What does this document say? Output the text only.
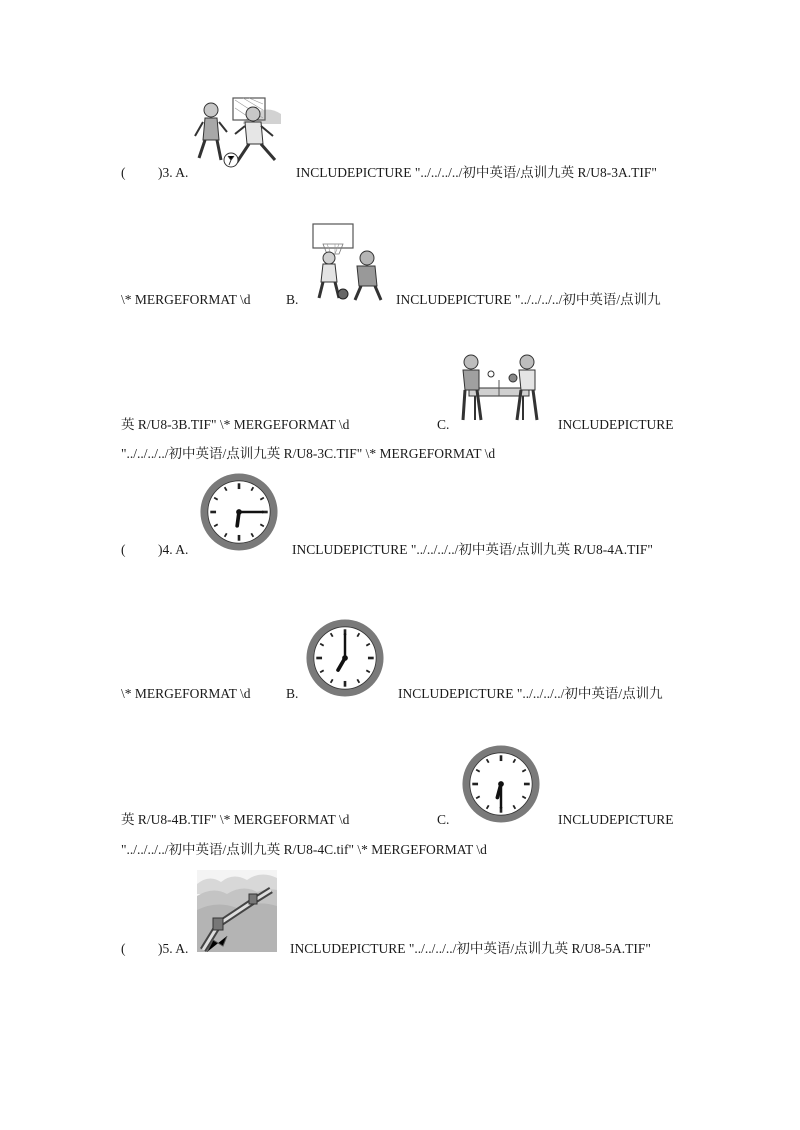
( )3. A.	INCLUDEPICTURE "../../../../初中英语/点训九英 R/U8-3A.TIF"
\* MERGEFORMAT \d	B.	INCLUDEPICTURE "../../../../初中英语/点训九
英 R/U8-3B.TIF" \* MERGEFORMAT \d	C.	INCLUDEPICTURE
"../../../../初中英语/点训九英 R/U8-3C.TIF" \* MERGEFORMAT \d
( )4. A.	INCLUDEPICTURE "../../../../初中英语/点训九英 R/U8-4A.TIF"
\* MERGEFORMAT \d	B.	INCLUDEPICTURE "../../../../初中英语/点训九
英 R/U8-4B.TIF" \* MERGEFORMAT \d	C.	INCLUDEPICTURE
"../../../../初中英语/点训九英 R/U8-4C.tif" \* MERGEFORMAT \d
( )5. A.	INCLUDEPICTURE "../../../../初中英语/点训九英 R/U8-5A.TIF"
